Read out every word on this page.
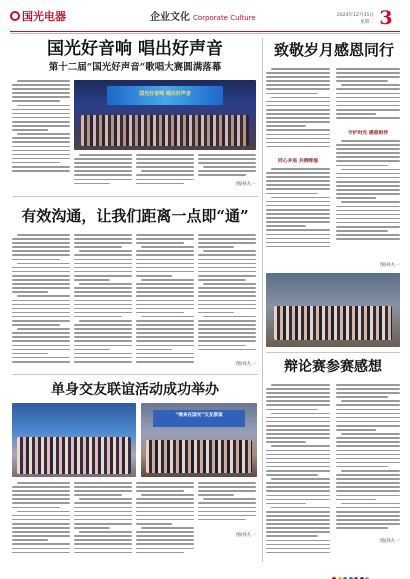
国光电器	企业文化 Corporate Culture	2024年12月31日
星期二 3
国光好音响 唱出好声音
第十二届“国光好声音”歌唱大赛圆满落幕
国光好音响 唱出好声音
图/孙九一
有效沟通，让我们距离一点即“通”
图/孙九一
单身交友联谊活动成功举办
“缘来在国光”交友联谊
图/孙九一
致敬岁月感恩同行
同心并进 共铸辉煌
守护时光 感恩相伴
图/孙九一
辩论赛参赛感想
图/孙九一
